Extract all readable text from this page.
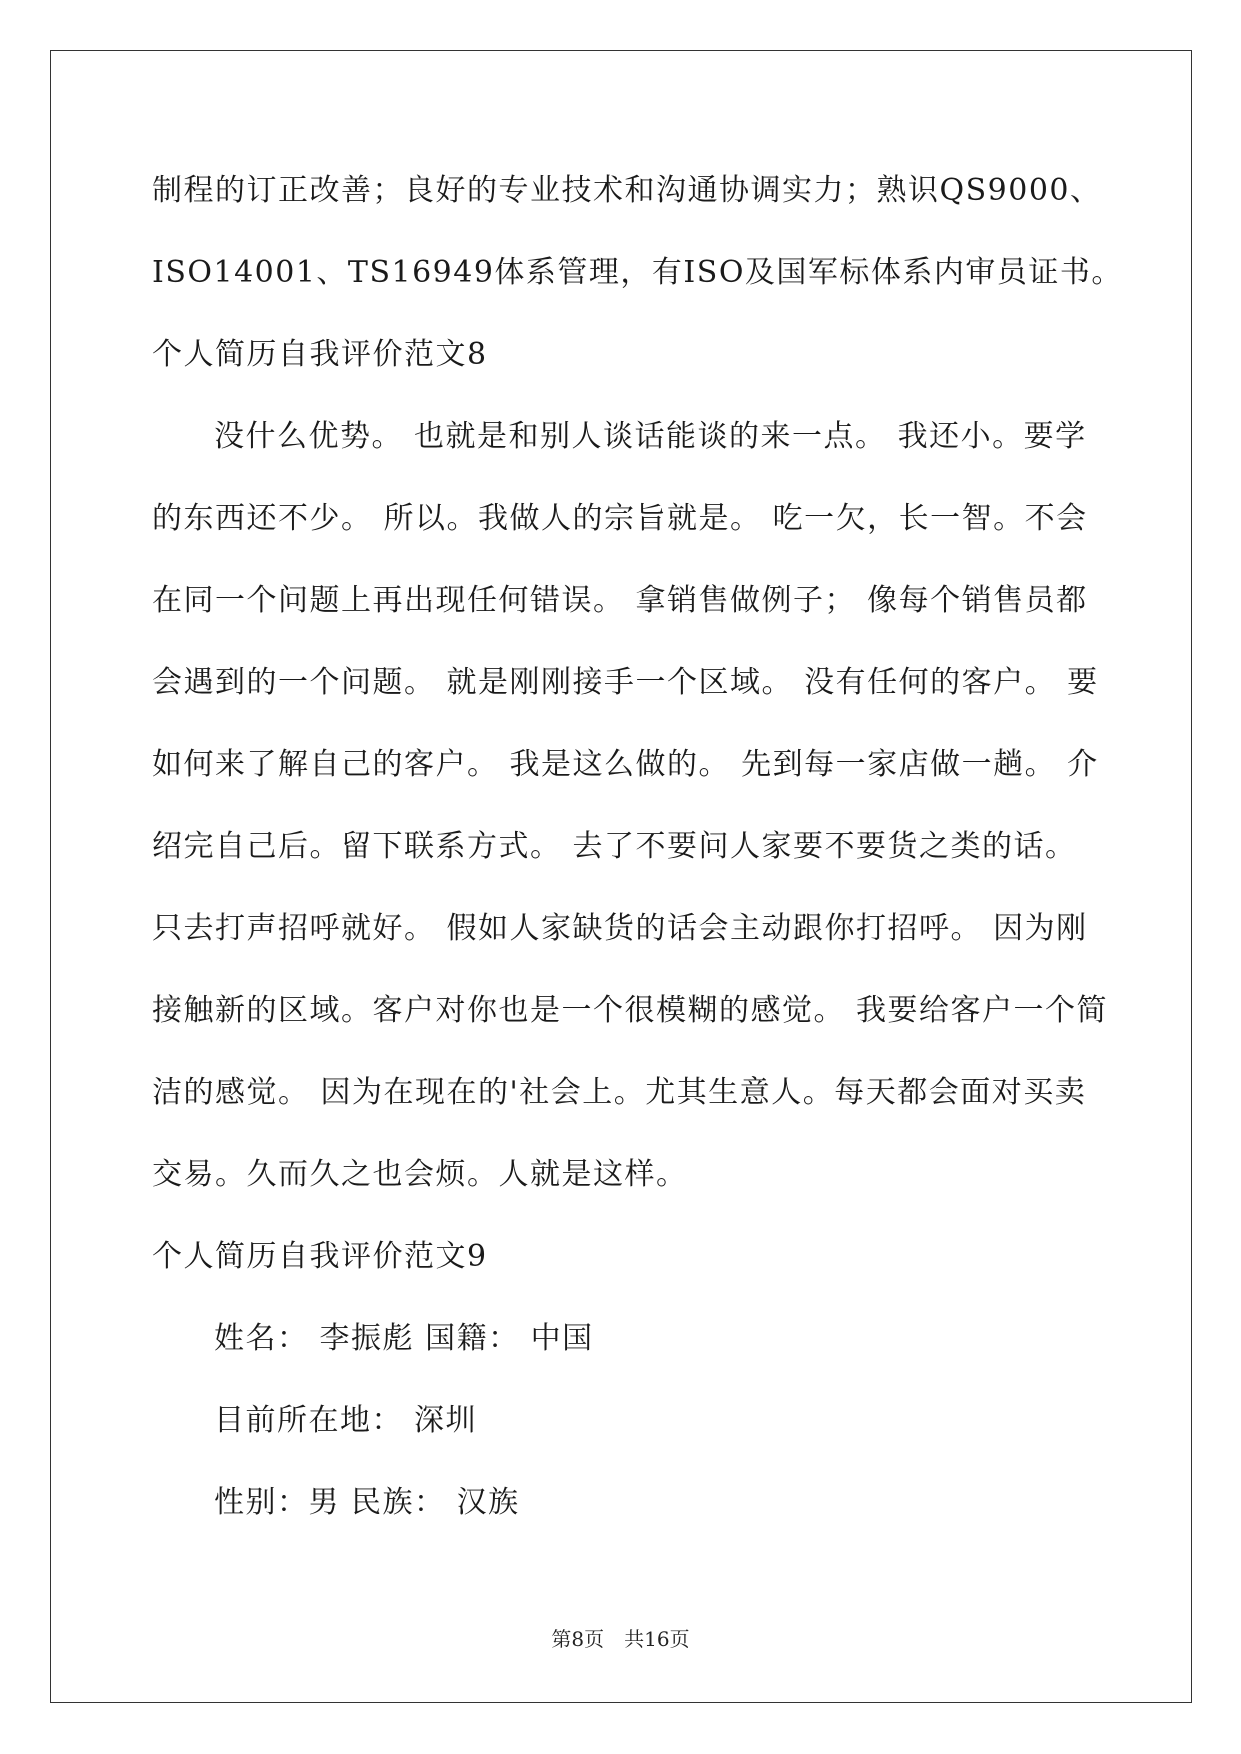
制程的订正改善；良好的专业技术和沟通协调实力；熟识QS9000、
ISO14001、TS16949体系管理，有ISO及国军标体系内审员证书。
个人简历自我评价范文8
没什么优势。 也就是和别人谈话能谈的来一点。 我还小。要学
的东西还不少。 所以。我做人的宗旨就是。 吃一欠，长一智。不会
在同一个问题上再出现任何错误。 拿销售做例子； 像每个销售员都
会遇到的一个问题。 就是刚刚接手一个区域。 没有任何的客户。 要
如何来了解自己的客户。 我是这么做的。 先到每一家店做一趟。 介
绍完自己后。留下联系方式。 去了不要问人家要不要货之类的话。
只去打声招呼就好。 假如人家缺货的话会主动跟你打招呼。 因为刚
接触新的区域。客户对你也是一个很模糊的感觉。 我要给客户一个简
洁的感觉。 因为在现在的'社会上。尤其生意人。每天都会面对买卖
交易。久而久之也会烦。人就是这样。
个人简历自我评价范文9
姓名： 李振彪 国籍： 中国
目前所在地： 深圳
性别：男 民族： 汉族
第8页　共16页
